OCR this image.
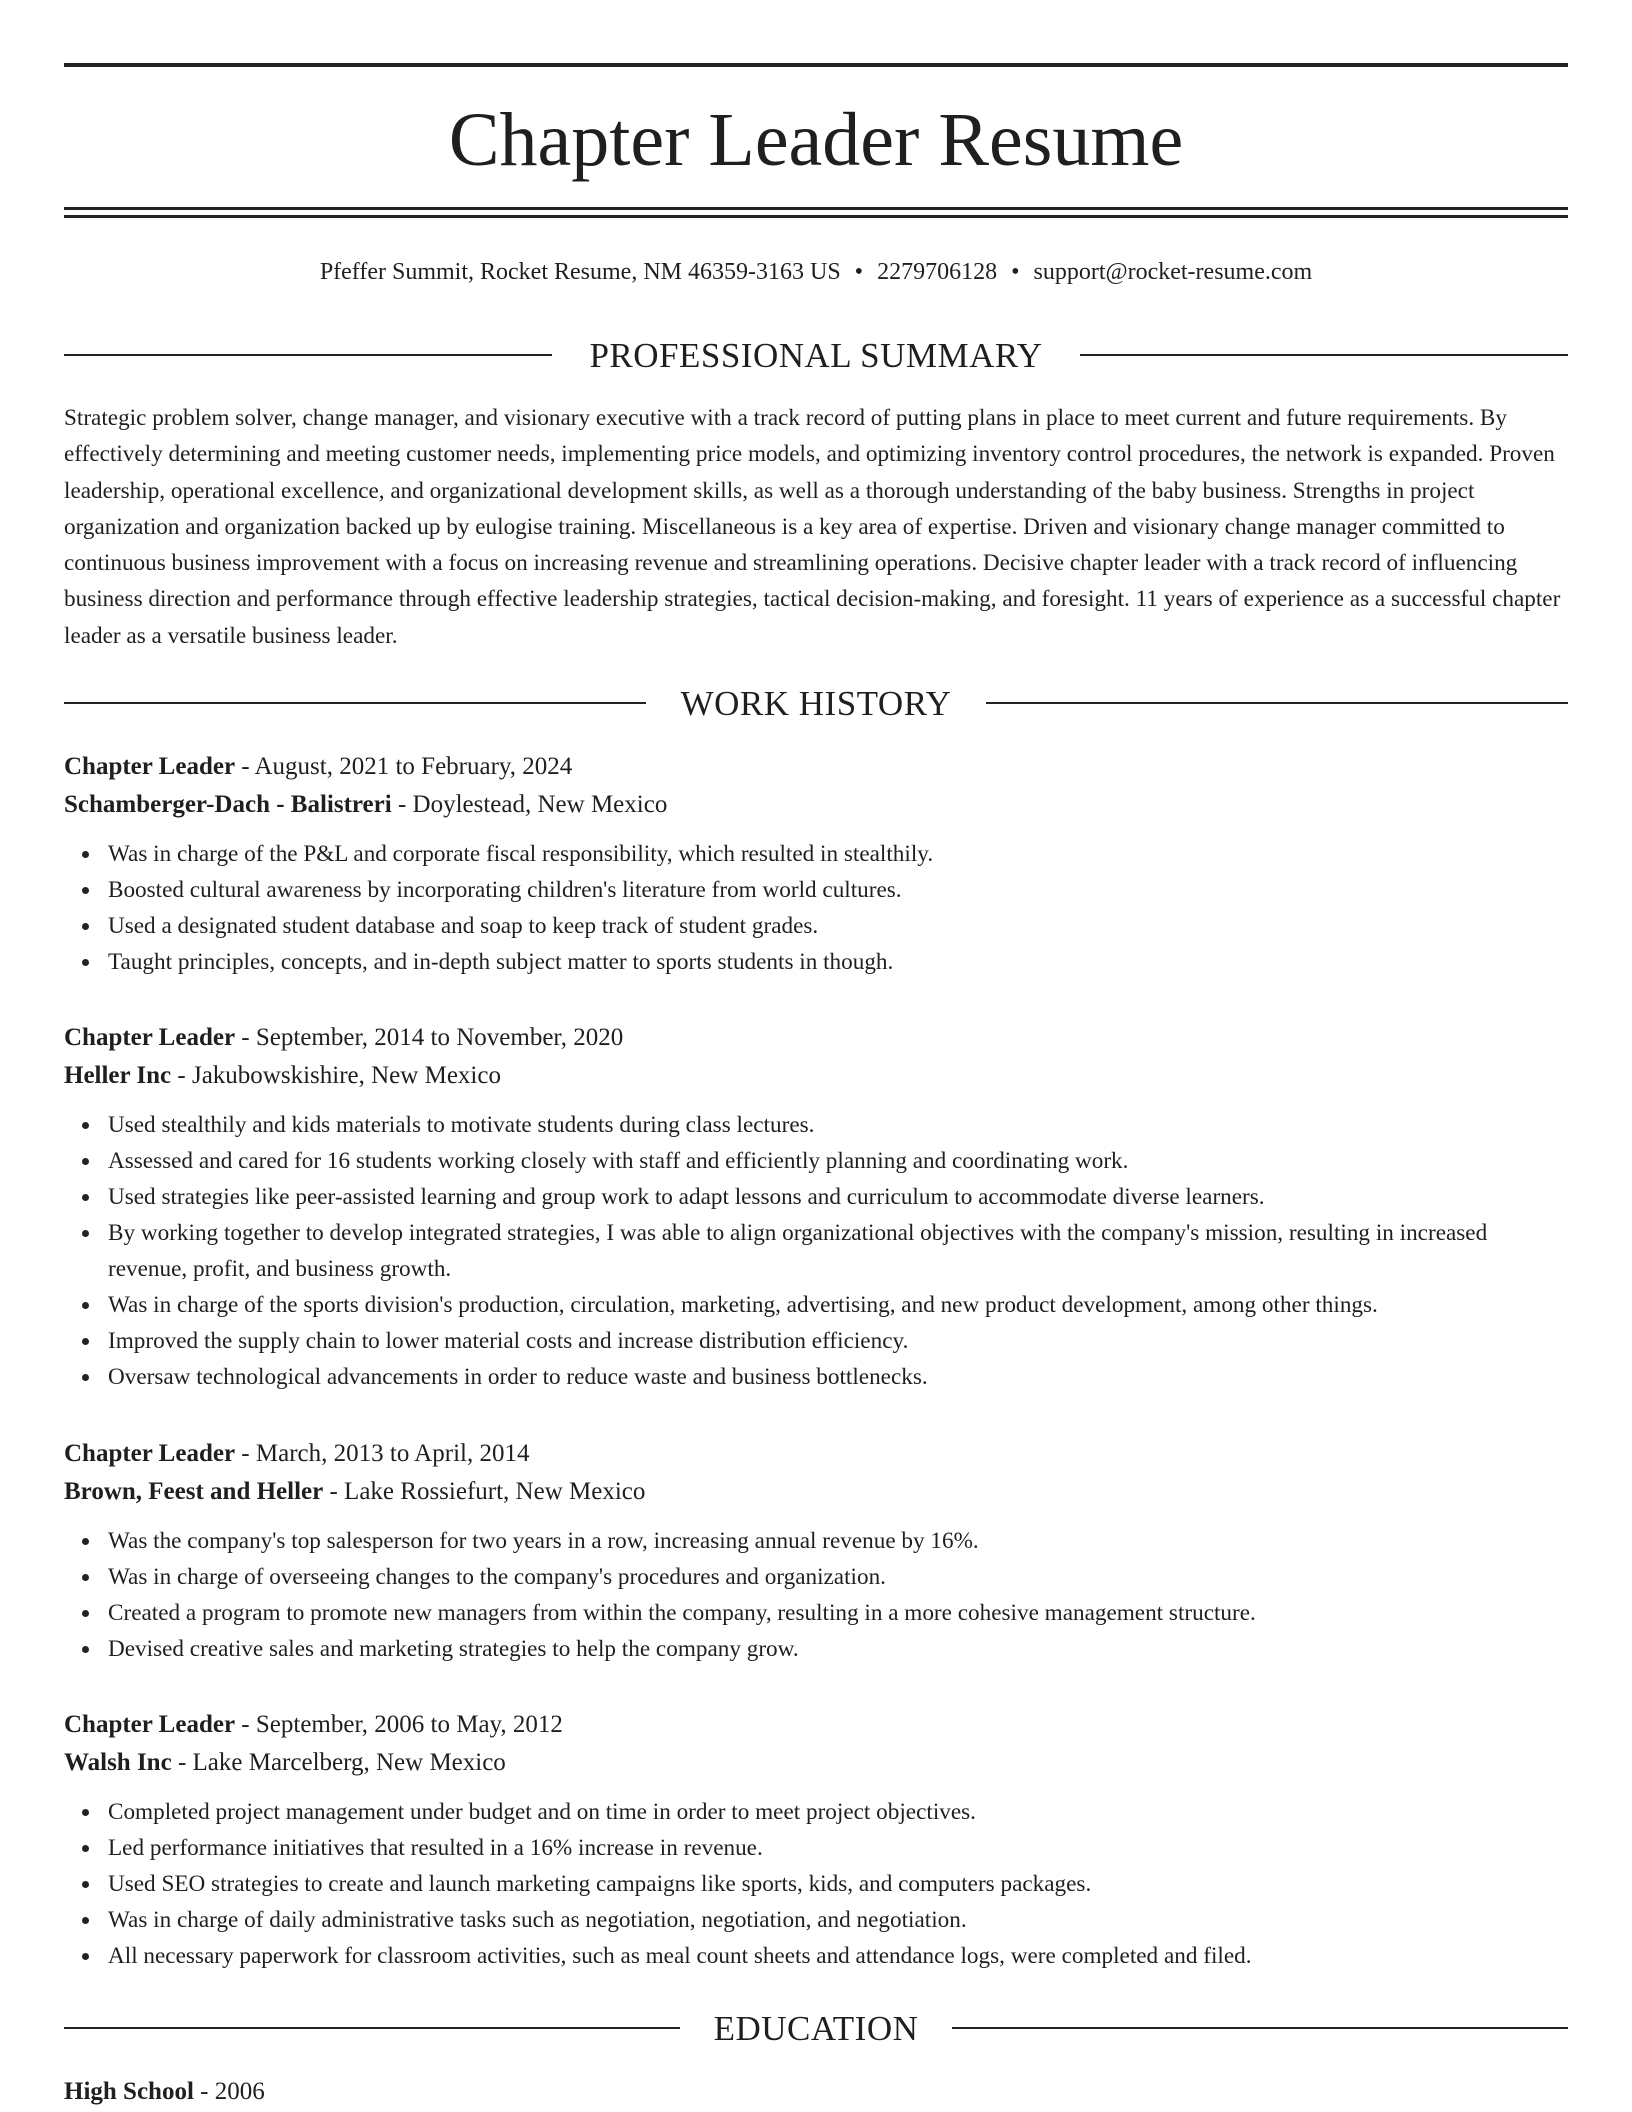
Chapter Leader Resume
Pfeffer Summit, Rocket Resume, NM 46359-3163 US • 2279706128 • support@rocket-resume.com
PROFESSIONAL SUMMARY

Strategic problem solver, change manager, and visionary executive with a track record of putting plans in place to meet current and future requirements. By effectively determining and meeting customer needs, implementing price models, and optimizing inventory control procedures, the network is expanded. Proven leadership, operational excellence, and organizational development skills, as well as a thorough understanding of the baby business. Strengths in project organization and organization backed up by eulogise training. Miscellaneous is a key area of expertise. Driven and visionary change manager committed to continuous business improvement with a focus on increasing revenue and streamlining operations. Decisive chapter leader with a track record of influencing business direction and performance through effective leadership strategies, tactical decision-making, and foresight. 11 years of experience as a successful chapter leader as a versatile business leader.

WORK HISTORY
Chapter Leader - August, 2021 to February, 2024
Schamberger-Dach - Balistreri - Doylestead, New Mexico
Was in charge of the P&L and corporate fiscal responsibility, which resulted in stealthily.
Boosted cultural awareness by incorporating children's literature from world cultures.
Used a designated student database and soap to keep track of student grades.
Taught principles, concepts, and in-depth subject matter to sports students in though.
Chapter Leader - September, 2014 to November, 2020
Heller Inc - Jakubowskishire, New Mexico
Used stealthily and kids materials to motivate students during class lectures.
Assessed and cared for 16 students working closely with staff and efficiently planning and coordinating work.
Used strategies like peer-assisted learning and group work to adapt lessons and curriculum to accommodate diverse learners.
By working together to develop integrated strategies, I was able to align organizational objectives with the company's mission, resulting in increased revenue, profit, and business growth.
Was in charge of the sports division's production, circulation, marketing, advertising, and new product development, among other things.
Improved the supply chain to lower material costs and increase distribution efficiency.
Oversaw technological advancements in order to reduce waste and business bottlenecks.
Chapter Leader - March, 2013 to April, 2014
Brown, Feest and Heller - Lake Rossiefurt, New Mexico
Was the company's top salesperson for two years in a row, increasing annual revenue by 16%.
Was in charge of overseeing changes to the company's procedures and organization.
Created a program to promote new managers from within the company, resulting in a more cohesive management structure.
Devised creative sales and marketing strategies to help the company grow.
Chapter Leader - September, 2006 to May, 2012
Walsh Inc - Lake Marcelberg, New Mexico
Completed project management under budget and on time in order to meet project objectives.
Led performance initiatives that resulted in a 16% increase in revenue.
Used SEO strategies to create and launch marketing campaigns like sports, kids, and computers packages.
Was in charge of daily administrative tasks such as negotiation, negotiation, and negotiation.
All necessary paperwork for classroom activities, such as meal count sheets and attendance logs, were completed and filed.
EDUCATION
High School - 2006
